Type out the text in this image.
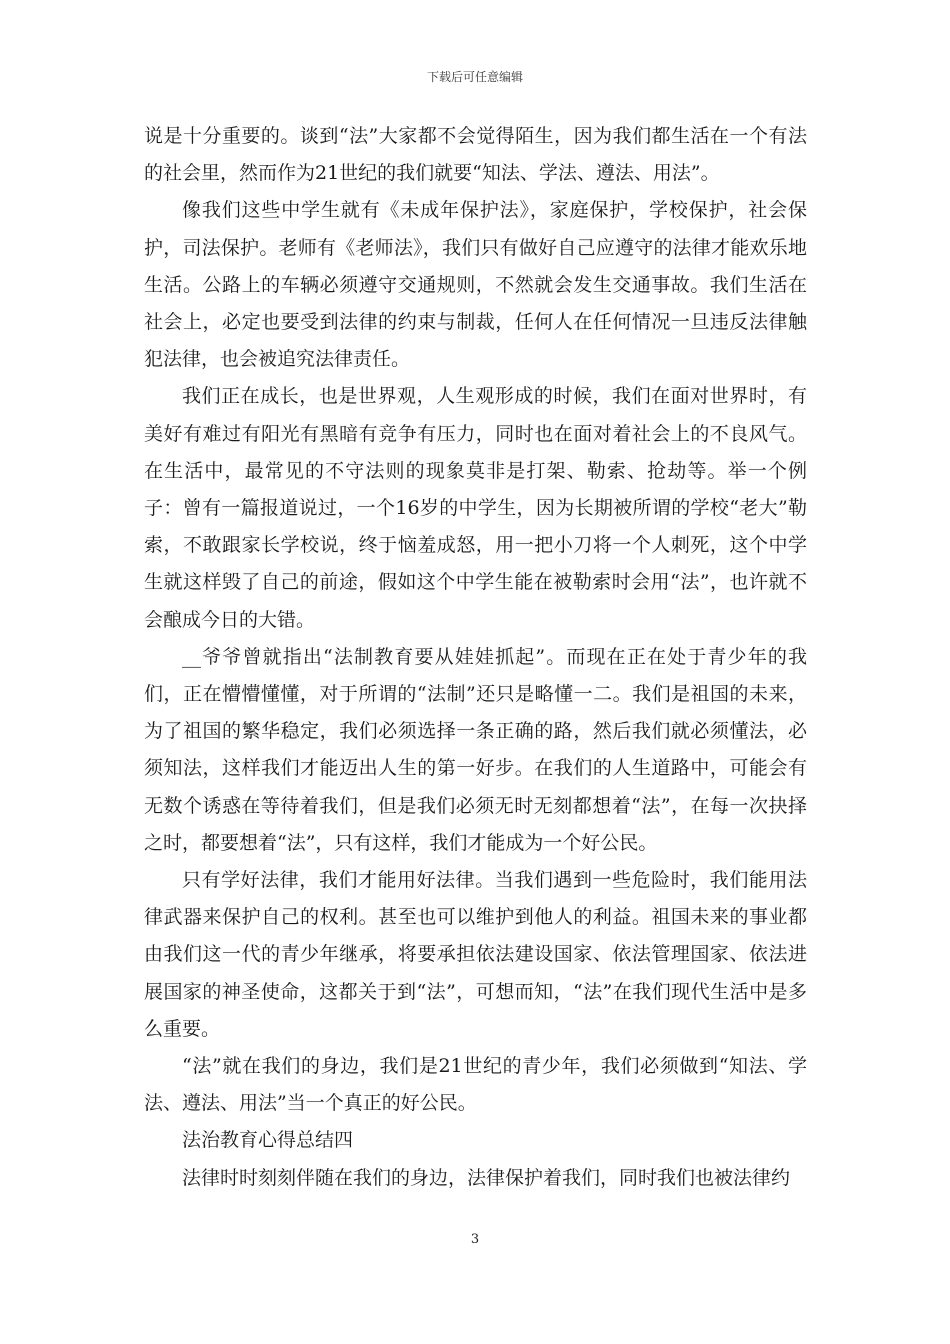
下载后可任意编辑

说是十分重要的。谈到“法”大家都不会觉得陌生，因为我们都生活在一个有法的社会里，然而作为21世纪的我们就要“知法、学法、遵法、用法”。

像我们这些中学生就有《未成年保护法》，家庭保护，学校保护，社会保护，司法保护。老师有《老师法》，我们只有做好自己应遵守的法律才能欢乐地生活。公路上的车辆必须遵守交通规则，不然就会发生交通事故。我们生活在社会上，必定也要受到法律的约束与制裁，任何人在任何情况一旦违反法律触犯法律，也会被追究法律责任。

我们正在成长，也是世界观，人生观形成的时候，我们在面对世界时，有美好有难过有阳光有黑暗有竞争有压力，同时也在面对着社会上的不良风气。在生活中，最常见的不守法则的现象莫非是打架、勒索、抢劫等。举一个例子：曾有一篇报道说过，一个16岁的中学生，因为长期被所谓的学校“老大”勒索，不敢跟家长学校说，终于恼羞成怒，用一把小刀将一个人刺死，这个中学生就这样毁了自己的前途，假如这个中学生能在被勒索时会用“法”，也许就不会酿成今日的大错。

__爷爷曾就指出“法制教育要从娃娃抓起”。而现在正在处于青少年的我们，正在懵懵懂懂，对于所谓的“法制”还只是略懂一二。我们是祖国的未来，为了祖国的繁华稳定，我们必须选择一条正确的路，然后我们就必须懂法，必须知法，这样我们才能迈出人生的第一好步。在我们的人生道路中，可能会有无数个诱惑在等待着我们，但是我们必须无时无刻都想着“法”，在每一次抉择之时，都要想着“法”，只有这样，我们才能成为一个好公民。

只有学好法律，我们才能用好法律。当我们遇到一些危险时，我们能用法律武器来保护自己的权利。甚至也可以维护到他人的利益。祖国未来的事业都由我们这一代的青少年继承，将要承担依法建设国家、依法管理国家、依法进展国家的神圣使命，这都关于到“法”，可想而知，“法”在我们现代生活中是多么重要。

“法”就在我们的身边，我们是21世纪的青少年，我们必须做到“知法、学法、遵法、用法”当一个真正的好公民。

法治教育心得总结四

法律时时刻刻伴随在我们的身边，法律保护着我们，同时我们也被法律约

3
